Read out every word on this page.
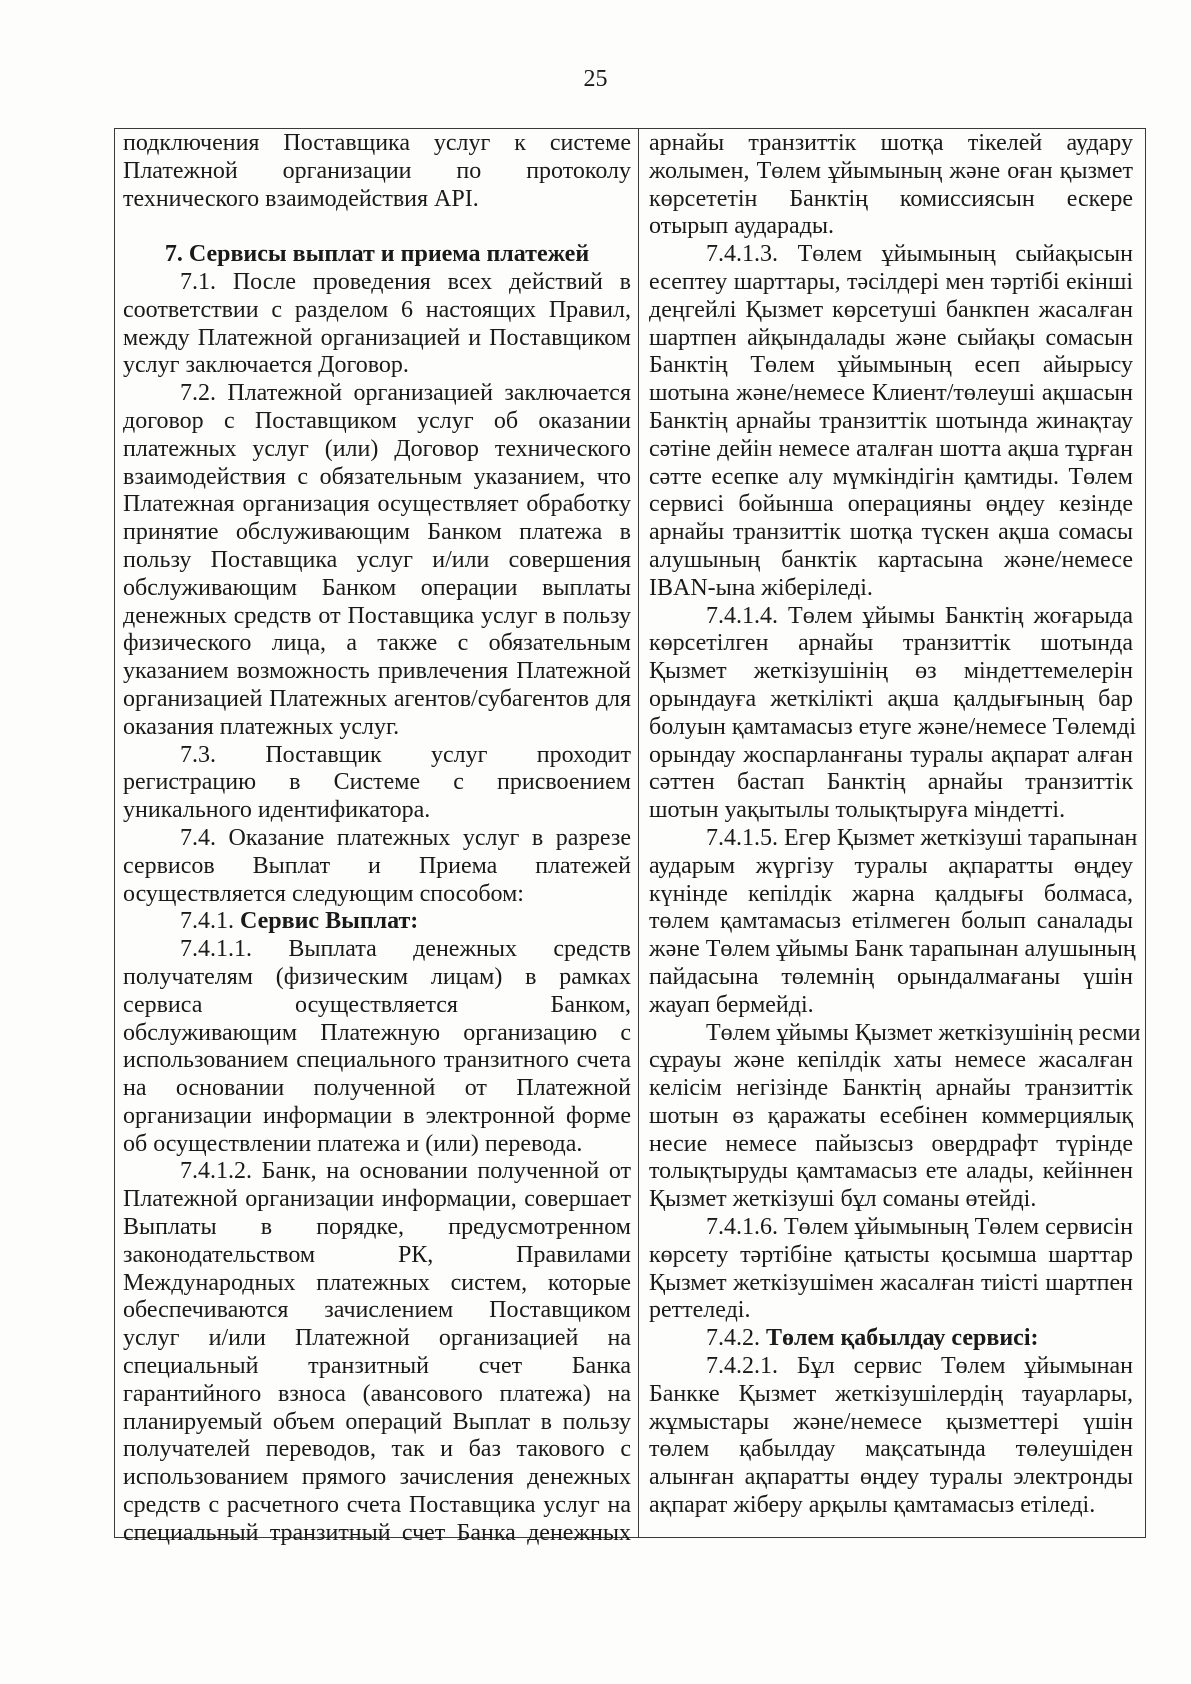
25
подключения Поставщика услуг к системе
Платежной организации по протоколу
технического взаимодействия API.

7. Сервисы выплат и приема платежей
7.1. После проведения всех действий в
соответствии с разделом 6 настоящих Правил,
между Платежной организацией и Поставщиком
услуг заключается Договор.
7.2. Платежной организацией заключается
договор с Поставщиком услуг об оказании
платежных услуг (или) Договор технического
взаимодействия с обязательным указанием, что
Платежная организация осуществляет обработку
принятие обслуживающим Банком платежа в
пользу Поставщика услуг и/или совершения
обслуживающим Банком операции выплаты
денежных средств от Поставщика услуг в пользу
физического лица, а также с обязательным
указанием возможность привлечения Платежной
организацией Платежных агентов/субагентов для
оказания платежных услуг.
7.3. Поставщик услуг проходит
регистрацию в Системе с присвоением
уникального идентификатора.
7.4. Оказание платежных услуг в разрезе
сервисов Выплат и Приема платежей
осуществляется следующим способом:
7.4.1. Сервис Выплат:
7.4.1.1. Выплата денежных средств
получателям (физическим лицам) в рамках
сервиса осуществляется Банком,
обслуживающим Платежную организацию с
использованием специального транзитного счета
на основании полученной от Платежной
организации информации в электронной форме
об осуществлении платежа и (или) перевода.
7.4.1.2. Банк, на основании полученной от
Платежной организации информации, совершает
Выплаты в порядке, предусмотренном
законодательством РК, Правилами
Международных платежных систем, которые
обеспечиваются зачислением Поставщиком
услуг и/или Платежной организацией на
специальный транзитный счет Банка
гарантийного взноса (авансового платежа) на
планируемый объем операций Выплат в пользу
получателей переводов, так и баз такового с
использованием прямого зачисления денежных
средств с расчетного счета Поставщика услуг на
специальный транзитный счет Банка денежных
арнайы транзиттік шотқа тікелей аудару
жолымен, Төлем ұйымының және оған қызмет
көрсететін Банктің комиссиясын ескере
отырып аударады.
7.4.1.3. Төлем ұйымының сыйақысын
есептеу шарттары, тәсілдері мен тәртібі екінші
деңгейлі Қызмет көрсетуші банкпен жасалған
шартпен айқындалады және сыйақы сомасын
Банктің Төлем ұйымының есеп айырысу
шотына және/немесе Клиент/төлеуші ақшасын
Банктің арнайы транзиттік шотында жинақтау
сәтіне дейін немесе аталған шотта ақша тұрған
сәтте есепке алу мүмкіндігін қамтиды. Төлем
сервисі бойынша операцияны өңдеу кезінде
арнайы транзиттік шотқа түскен ақша сомасы
алушының банктік картасына және/немесе
IBAN-ына жіберіледі.
7.4.1.4. Төлем ұйымы Банктің жоғарыда
көрсетілген арнайы транзиттік шотында
Қызмет жеткізушінің өз міндеттемелерін
орындауға жеткілікті ақша қалдығының бар
болуын қамтамасыз етуге және/немесе Төлемді
орындау жоспарланғаны туралы ақпарат алған
сәттен бастап Банктің арнайы транзиттік
шотын уақытылы толықтыруға міндетті.
7.4.1.5. Егер Қызмет жеткізуші тарапынан
аударым жүргізу туралы ақпаратты өңдеу
күнінде кепілдік жарна қалдығы болмаса,
төлем қамтамасыз етілмеген болып саналады
және Төлем ұйымы Банк тарапынан алушының
пайдасына төлемнің орындалмағаны үшін
жауап бермейді.
Төлем ұйымы Қызмет жеткізушінің ресми
сұрауы және кепілдік хаты немесе жасалған
келісім негізінде Банктің арнайы транзиттік
шотын өз қаражаты есебінен коммерциялық
несие немесе пайызсыз овердрафт түрінде
толықтыруды қамтамасыз ете алады, кейіннен
Қызмет жеткізуші бұл соманы өтейді.
7.4.1.6. Төлем ұйымының Төлем сервисін
көрсету тәртібіне қатысты қосымша шарттар
Қызмет жеткізушімен жасалған тиісті шартпен
реттеледі.
7.4.2. Төлем қабылдау сервисі:
7.4.2.1. Бұл сервис Төлем ұйымынан
Банкке Қызмет жеткізушілердің тауарлары,
жұмыстары және/немесе қызметтері үшін
төлем қабылдау мақсатында төлеушіден
алынған ақпаратты өңдеу туралы электронды
ақпарат жіберу арқылы қамтамасыз етіледі.
